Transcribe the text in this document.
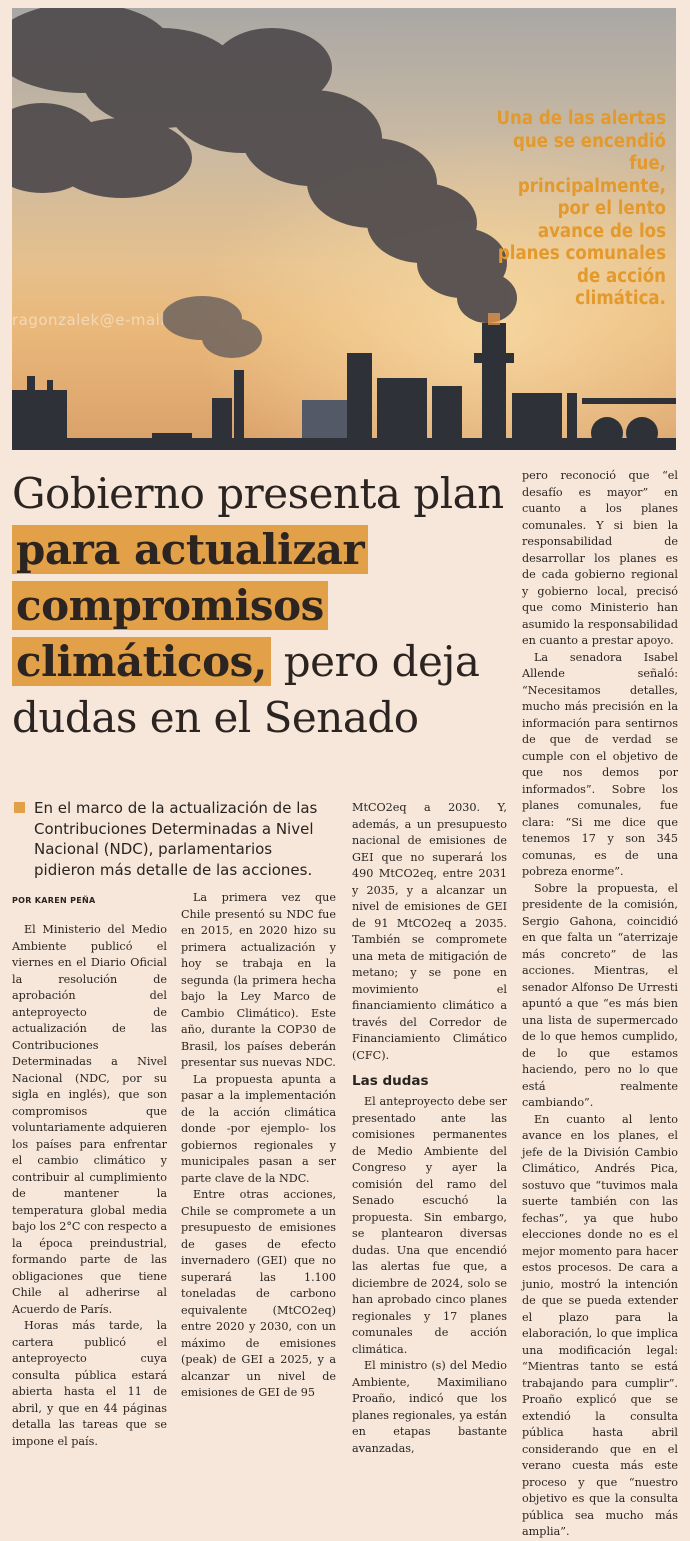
ragonzalek@e-mail
Una de las alertas que se encendió fue, principalmente, por el lento avance de los planes comunales de acción climática.
Gobierno presenta plan para actualizar compromisos climáticos, pero deja dudas en el Senado
En el marco de la actualización de las Contribuciones Determinadas a Nivel Nacional (NDC), parlamentarios pidieron más detalle de las acciones.
POR KAREN PEÑA

El Ministerio del Medio Ambiente publicó el viernes en el Diario Oficial la resolución de aprobación del anteproyecto de actualización de las Contribuciones Determinadas a Nivel Nacional (NDC, por su sigla en inglés), que son compromisos que voluntariamente adquieren los países para enfrentar el cambio climático y contribuir al cumplimiento de mantener la temperatura global media bajo los 2°C con respecto a la época preindustrial, formando parte de las obligaciones que tiene Chile al adherirse al Acuerdo de París.

Horas más tarde, la cartera publicó el anteproyecto cuya consulta pública estará abierta hasta el 11 de abril, y que en 44 páginas detalla las tareas que se impone el país.

La primera vez que Chile presentó su NDC fue en 2015, en 2020 hizo su primera actualización y hoy se trabaja en la segunda (la primera hecha bajo la Ley Marco de Cambio Climático). Este año, durante la COP30 de Brasil, los países deberán presentar sus nuevas NDC.

La propuesta apunta a pasar a la implementación de la acción climática donde -por ejemplo- los gobiernos regionales y municipales pasan a ser parte clave de la NDC.

Entre otras acciones, Chile se compromete a un presupuesto de emisiones de gases de efecto invernadero (GEI) que no superará las 1.100 toneladas de carbono equivalente (MtCO2eq) entre 2020 y 2030, con un máximo de emisiones (peak) de GEI a 2025, y a alcanzar un nivel de emisiones de GEI de 95

MtCO2eq a 2030. Y, además, a un presupuesto nacional de emisiones de GEI que no superará los 490 MtCO2eq, entre 2031 y 2035, y a alcanzar un nivel de emisiones de GEI de 91 MtCO2eq a 2035. También se compromete una meta de mitigación de metano; y se pone en movimiento el financiamiento climático a través del Corredor de Financiamiento Climático (CFC).

Las dudas

El anteproyecto debe ser presentado ante las comisiones permanentes de Medio Ambiente del Congreso y ayer la comisión del ramo del Senado escuchó la propuesta. Sin embargo, se plantearon diversas dudas. Una que encendió las alertas fue que, a diciembre de 2024, solo se han aprobado cinco planes regionales y 17 planes comunales de acción climática.

El ministro (s) del Medio Ambiente, Maximiliano Proaño, indicó que los planes regionales, ya están en etapas bastante avanzadas,

pero reconoció que “el desafío es mayor” en cuanto a los planes comunales. Y si bien la responsabilidad de desarrollar los planes es de cada gobierno regional y gobierno local, precisó que como Ministerio han asumido la responsabilidad en cuanto a prestar apoyo.

La senadora Isabel Allende señaló: “Necesitamos detalles, mucho más precisión en la información para sentirnos de que de verdad se cumple con el objetivo de que nos demos por informados”. Sobre los planes comunales, fue clara: “Si me dice que tenemos 17 y son 345 comunas, es de una pobreza enorme”.

Sobre la propuesta, el presidente de la comisión, Sergio Gahona, coincidió en que falta un “aterrizaje más concreto” de las acciones. Mientras, el senador Alfonso De Urresti apuntó a que “es más bien una lista de supermercado de lo que hemos cumplido, de lo que estamos haciendo, pero no lo que está realmente cambiando”.

En cuanto al lento avance en los planes, el jefe de la División Cambio Climático, Andrés Pica, sostuvo que “tuvimos mala suerte también con las fechas”, ya que hubo elecciones donde no es el mejor momento para hacer estos procesos. De cara a junio, mostró la intención de que se pueda extender el plazo para la elaboración, lo que implica una modificación legal: “Mientras tanto se está trabajando para cumplir”. Proaño explicó que se extendió la consulta pública hasta abril considerando que en el verano cuesta más este proceso y que “nuestro objetivo es que la consulta pública sea mucho más amplia”.
